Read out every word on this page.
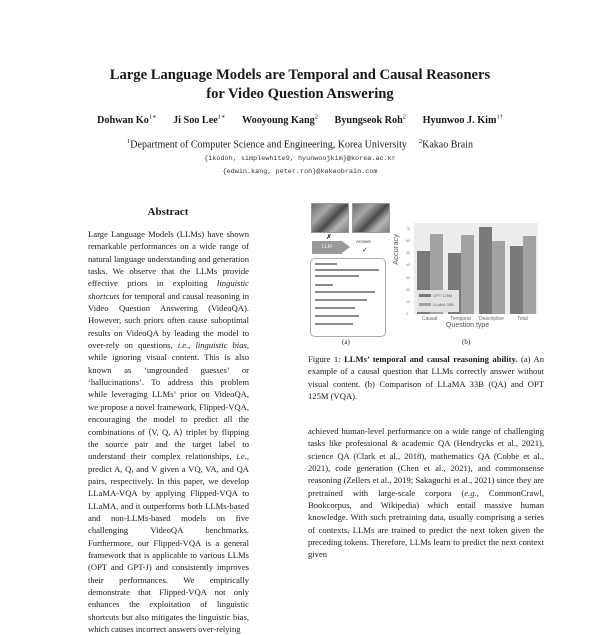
Large Language Models are Temporal and Causal Reasoners
for Video Question Answering
Dohwan $Ko^{1∗}$ Ji Soo Lee$^{1∗}$ Wooyoung Kang$^2$ Byungseok Roh$^2$ Hyunwoo J. Kim$^{1\dagger}$
$^1$Department of Computer Science and Engineering, Korea University $^2$Kakao Brain
{ikodoh, simplewhite9, hyunwoojkim}@korea.ac.kr
{edwin.kang, peter.roh}@kakaobrain.com
Abstract
Large Language Models (LLMs) have shown remarkable performances on a wide range of natural language understanding and generation tasks. We observe that the LLMs provide effective priors in exploiting linguistic shortcuts for temporal and causal reasoning in Video Question Answering (VideoQA). However, such priors often cause suboptimal results on VideoQA by leading the model to over-rely on questions, i.e., linguistic bias, while ignoring visual content. This is also known as ‘ungrounded guesses’ or ‘hallucinations’. To address this problem while leveraging LLMs’ prior on VideoQA, we propose a novel framework, Flipped-VQA, encouraging the model to predict all the combinations of ⟨V, Q, A⟩ triplet by flipping the source pair and the target label to understand their complex relationships, i.e., predict A, Q, and V given a VQ, VA, and QA pairs, respectively. In this paper, we develop LLaMA-VQA by applying Flipped-VQA to LLaMA, and it outperforms both LLMs-based and non-LLMs-based models on five challenging VideoQA benchmarks. Furthermore, our Flipped-VQA is a general framework that is applicable to various LLMs (OPT and GPT-J) and consistently improves their performances. We empirically demonstrate that Flipped-VQA not only enhances the exploitation of linguistic shortcuts but also mitigates the linguistic bias, which causes incorrect answers over-relying
✗
LLM
Answer
✓
(a)
Accuracy
OPT 125M
LLaMA 33B
Question type
(b)
Causal	Temporal	Descriptive	Total
0
10
20
30
40
50
60
70
Figure 1: LLMs’ temporal and causal reasoning ability. (a) An example of a causal question that LLMs correctly answer without visual content. (b) Comparison of LLaMA 33B (QA) and OPT 125M (VQA).
achieved human-level performance on a wide range of challenging tasks like professional & academic QA (Hendrycks et al., 2021), science QA (Clark et al., 2018), mathematics QA (Cobbe et al., 2021), code generation (Chen et al., 2021), and commonsense reasoning (Zellers et al., 2019; Sakaguchi et al., 2021) since they are pretrained with large-scale corpora (e.g., CommonCrawl, Bookcorpus, and Wikipedia) which entail massive human knowledge. With such pretraining data, usually comprising a series of contexts, LLMs are trained to predict the next token given the preceding tokens. Therefore, LLMs learn to predict the next context given
